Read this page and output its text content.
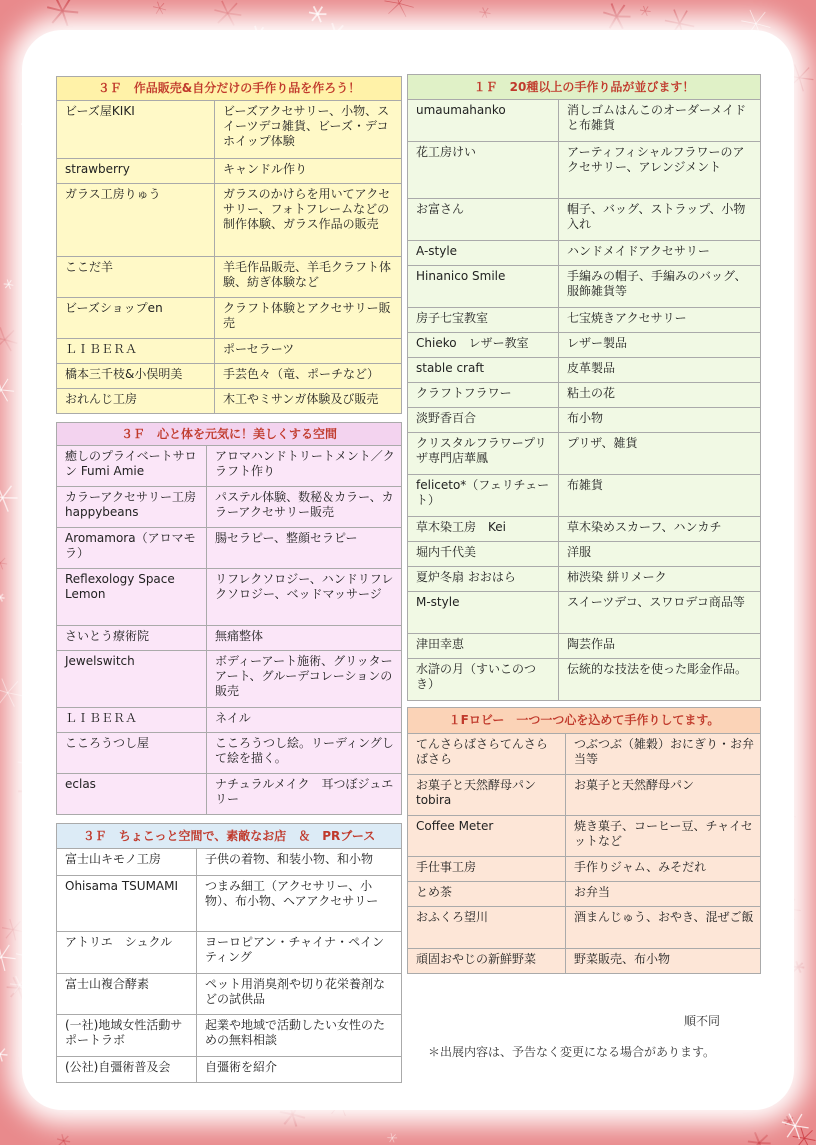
３Ｆ　作品販売&自分だけの手作り品を作ろう！	
ビーズ屋KIKI	ビーズアクセサリー、小物、スイーツデコ雑貨、ビーズ・デコホイップ体験
strawberry	キャンドル作り
ガラス工房りゅう	ガラスのかけらを用いてアクセサリー、フォトフレームなどの制作体験、ガラス作品の販売
ここだ羊	羊毛作品販売、羊毛クラフト体験、紡ぎ体験など
ビーズショップen	クラフト体験とアクセサリー販売
ＬＩＢＥＲＡ	ポーセラーツ
橋本三千枝&小俣明美	手芸色々（竜、ポーチなど）
おれんじ工房	木工やミサンガ体験及び販売
３Ｆ　心と体を元気に！美しくする空間	
癒しのプライベートサロン Fumi Amie	アロマハンドトリートメント／クラフト作り
カラーアクセサリー工房happybeans	パステル体験、数秘＆カラー、カラーアクセサリー販売
Aromamora（アロマモラ）	腸セラピー、整顔セラピー
Reflexology Space Lemon	リフレクソロジー、ハンドリフレクソロジー、ベッドマッサージ
さいとう療術院	無痛整体
Jewelswitch	ボディーアート施術、グリッターアート、グルーデコレーションの販売
ＬＩＢＥＲＡ	ネイル
こころうつし屋	こころうつし絵。リーディングして絵を描く。
eclas	ナチュラルメイク　耳つぼジュエリー
３Ｆ　ちょこっと空間で、素敵なお店　＆　PRブース	
富士山キモノ工房	子供の着物、和装小物、和小物
Ohisama TSUMAMI	つまみ細工（アクセサリー、小物）、布小物、ヘアアクセサリー
アトリエ　シュクル	ヨーロピアン・チャイナ・ペインティング
富士山複合酵素	ペット用消臭剤や切り花栄養剤などの試供品
(一社)地域女性活動サポートラボ	起業や地域で活動したい女性のための無料相談
(公社)自彊術普及会	自彊術を紹介
１Ｆ　20種以上の手作り品が並びます！	
umaumahanko	消しゴムはんこのオーダーメイドと布雑貨
花工房けい	アーティフィシャルフラワーのアクセサリー、アレンジメント
お富さん	帽子、バッグ、ストラップ、小物入れ
A-style	ハンドメイドアクセサリー
Hinanico Smile	手編みの帽子、手編みのバッグ、服飾雑貨等
房子七宝教室	七宝焼きアクセサリー
Chieko　レザー教室	レザー製品
stable craft	皮革製品
クラフトフラワー	粘土の花
淡野香百合	布小物
クリスタルフラワープリザ専門店華鳳	プリザ、雑貨
feliceto*（フェリチェート）	布雑貨
草木染工房　Kei	草木染めスカーフ、ハンカチ
堀内千代美	洋服
夏炉冬扇 おおはら	柿渋染 絣リメーク
M-style	スイーツデコ、スワロデコ商品等
津田幸恵	陶芸作品
水滸の月（すいこのつき）	伝統的な技法を使った彫金作品。
１Fロビー　一つ一つ心を込めて手作りしてます。	
てんさらばさらてんさらばさら	つぶつぶ（雑穀）おにぎり・お弁当等
お菓子と天然酵母パン tobira	お菓子と天然酵母パン
Coffee Meter	焼き菓子、コーヒー豆、チャイセットなど
手仕事工房	手作りジャム、みそだれ
とめ茶	お弁当
おふくろ望川	酒まんじゅう、おやき、混ぜご飯
頑固おやじの新鮮野菜	野菜販売、布小物
順不同
＊出展内容は、予告なく変更になる場合があります。
